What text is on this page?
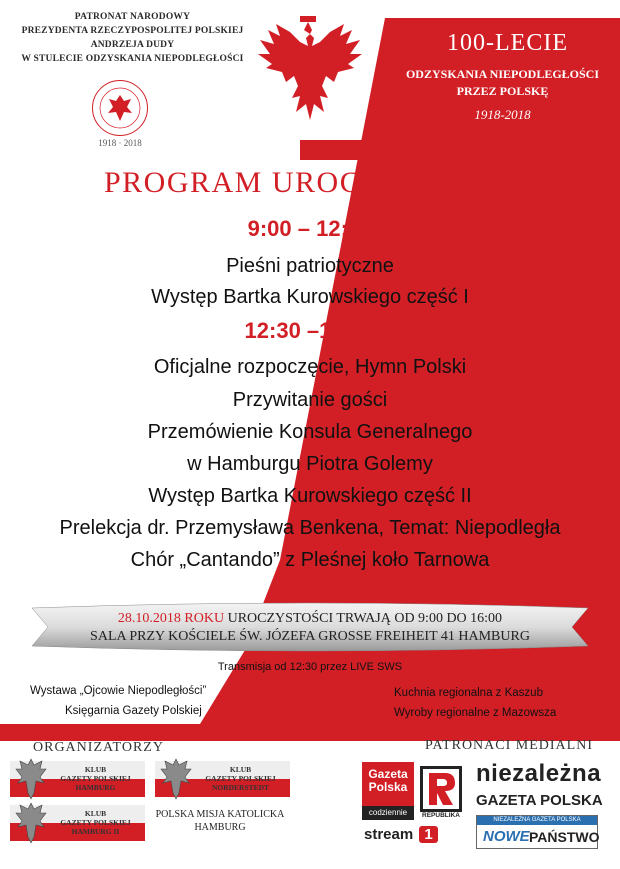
PATRONAT NARODOWY
PREZYDENTA RZECZYPOSPOLITEJ POLSKIEJ
ANDRZEJA DUDY
W STULECIE ODZYSKANIA NIEPODLEGŁOŚCI
1918 · 2018
100-LECIE
ODZYSKANIA NIEPODLEGŁOŚCI
PRZEZ POLSKĘ
1918-2018
PROGRAM UROCZYSTOŚCI
9:00 – 12:30
Pieśni patriotyczne
Występ Bartka Kurowskiego część I
12:30 –16:00
Oficjalne rozpoczęcie, Hymn Polski
Przywitanie gości
Przemówienie Konsula Generalnego
w Hamburgu Piotra Golemy
Występ Bartka Kurowskiego część II
Prelekcja dr. Przemysława Benkena, Temat: Niepodległa
Chór „Cantando” z Pleśnej koło Tarnowa
28.10.2018 ROKU UROCZYSTOŚCI TRWAJĄ OD 9:00 DO 16:00
SALA PRZY KOŚCIELE ŚW. JÓZEFA GROSSE FREIHEIT 41 HAMBURG
Transmisja od 12:30 przez LIVE SWS
Wystawa „Ojcowie Niepodległości”
Księgarnia Gazety Polskiej
Kuchnia regionalna z Kaszub
Wyroby regionalne z Mazowsza
ORGANIZATORZY
KLUB
GAZETY POLSKIEJ
HAMBURG
KLUB
GAZETY POLSKIEJ
NORDERSTEDT
KLUB
GAZETY POLSKIEJ
HAMBURG II
POLSKA MISJA KATOLICKA
HAMBURG
PATRONACI MEDIALNI
Gazeta
Polska
codziennie
stream 1
REPUBLIKA
niezależna
GAZETA POLSKA
NIEZALEŻNA GAZETA POLSKA
NOWE PAŃSTWO
